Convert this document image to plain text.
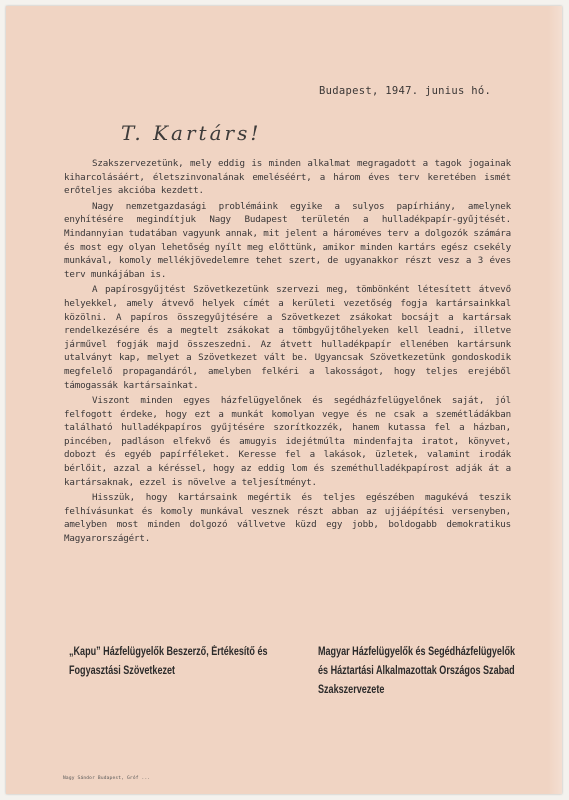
Budapest, 1947. junius hó.
T. Kartárs!

Szakszervezetünk, mely eddig is minden alkalmat megragadott a tagok jogainak kiharcolásáért, életszinvonalának emeléséért, a három éves terv keretében ismét erőteljes akcióba kezdett.

Nagy nemzetgazdasági problémáink egyike a sulyos papírhiány, amelynek enyhítésére megindítjuk Nagy Budapest területén a hulladékpapír-gyűjtését. Mindannyian tudatában vagyunk annak, mit jelent a hároméves terv a dolgozók számára és most egy olyan lehetőség nyílt meg előttünk, amikor minden kartárs egész csekély munkával, komoly mellékjövedelemre tehet szert, de ugyanakkor részt vesz a 3 éves terv munkájában is.

A papírosgyűjtést Szövetkezetünk szervezi meg, tömbönként létesített átvevő helyekkel, amely átvevő helyek címét a kerületi vezetőség fogja kartársainkkal közölni. A papíros összegyűjtésére a Szövetkezet zsákokat bocsájt a kartársak rendelkezésére és a megtelt zsákokat a tömbgyűjtőhelyeken kell leadni, illetve járművel fogják majd összeszedni. Az átvett hulladékpapír ellenében kartársunk utalványt kap, melyet a Szövetkezet vált be. Ugyancsak Szövetkezetünk gondoskodik megfelelő propagandáról, amelyben felkéri a lakosságot, hogy teljes erejéből támogassák kartársainkat.

Viszont minden egyes házfelügyelőnek és segédházfelügyelőnek saját, jól felfogott érdeke, hogy ezt a munkát komolyan vegye és ne csak a szemétládákban található hulladékpapíros gyűjtésére szorítkozzék, hanem kutassa fel a házban, pincében, padláson elfekvő és amugyis idejétmúlta mindenfajta iratot, könyvet, dobozt és egyéb papírféleket. Keresse fel a lakások, üzletek, valamint irodák bérlőit, azzal a kéréssel, hogy az eddig lom és szeméthulladékpapírost adják át a kartársaknak, ezzel is növelve a teljesítményt.

Hisszük, hogy kartársaink megértik és teljes egészében magukévá teszik felhívásunkat és komoly munkával vesznek részt abban az ujjáépítési versenyben, amelyben most minden dolgozó vállvetve küzd egy jobb, boldogabb demokratikus Magyarországért.

„Kapu” Házfelügyelők Beszerző, Értékesítő és Fogyasztási Szövetkezet
Magyar Házfelügyelők és Segédházfelügyelők és Háztartási Alkalmazottak Országos Szabad Szakszervezete
Nagy Sándor Budapest, Gróf ...
